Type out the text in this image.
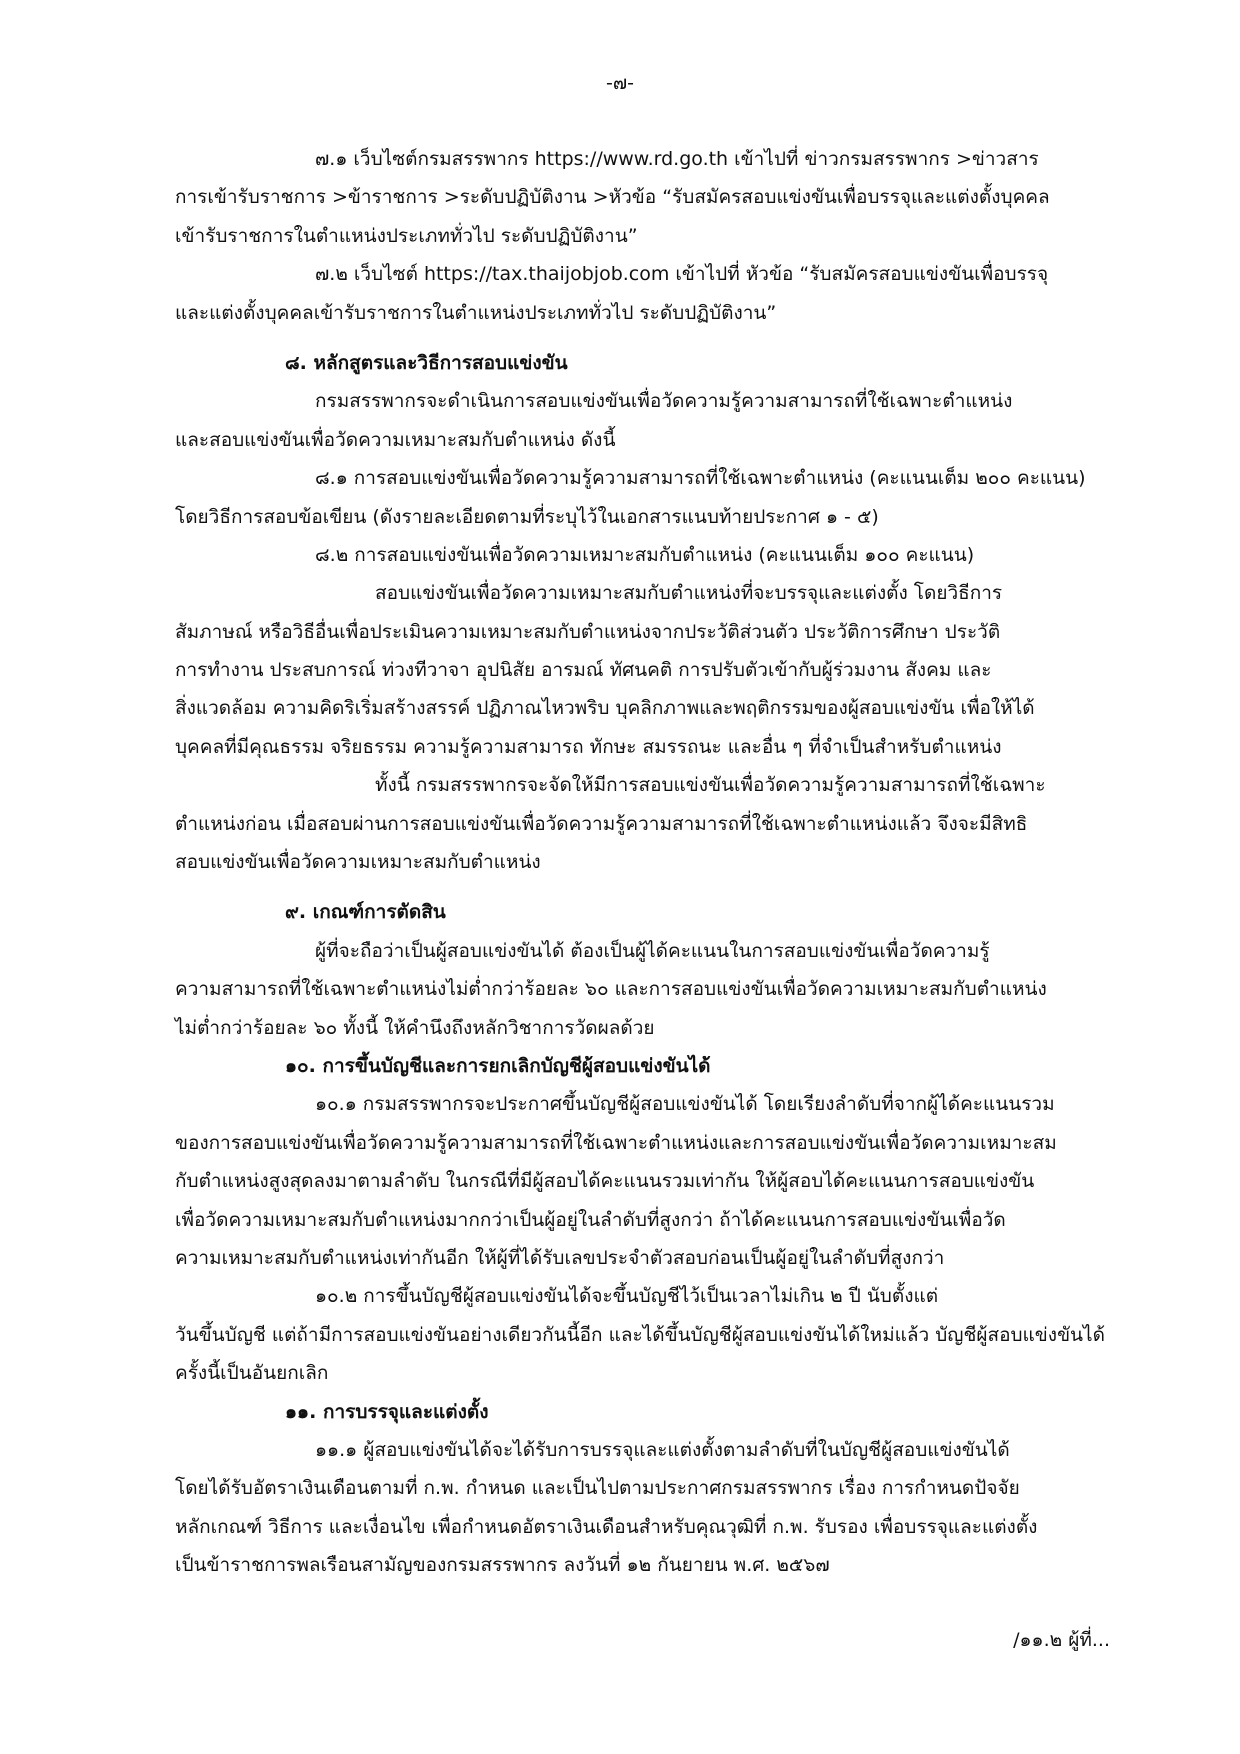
-๗-
๗.๑ เว็บไซต์กรมสรรพากร https://www.rd.go.th เข้าไปที่ ข่าวกรมสรรพากร >ข่าวสาร
การเข้ารับราชการ >ข้าราชการ >ระดับปฏิบัติงาน >หัวข้อ “รับสมัครสอบแข่งขันเพื่อบรรจุและแต่งตั้งบุคคล
เข้ารับราชการในตำแหน่งประเภททั่วไป ระดับปฏิบัติงาน”
๗.๒ เว็บไซต์ https://tax.thaijobjob.com เข้าไปที่ หัวข้อ “รับสมัครสอบแข่งขันเพื่อบรรจุ
และแต่งตั้งบุคคลเข้ารับราชการในตำแหน่งประเภททั่วไป ระดับปฏิบัติงาน”
๘. หลักสูตรและวิธีการสอบแข่งขัน
กรมสรรพากรจะดำเนินการสอบแข่งขันเพื่อวัดความรู้ความสามารถที่ใช้เฉพาะตำแหน่ง
และสอบแข่งขันเพื่อวัดความเหมาะสมกับตำแหน่ง ดังนี้
๘.๑ การสอบแข่งขันเพื่อวัดความรู้ความสามารถที่ใช้เฉพาะตำแหน่ง (คะแนนเต็ม ๒๐๐ คะแนน)
โดยวิธีการสอบข้อเขียน (ดังรายละเอียดตามที่ระบุไว้ในเอกสารแนบท้ายประกาศ ๑ - ๕)
๘.๒ การสอบแข่งขันเพื่อวัดความเหมาะสมกับตำแหน่ง (คะแนนเต็ม ๑๐๐ คะแนน)
สอบแข่งขันเพื่อวัดความเหมาะสมกับตำแหน่งที่จะบรรจุและแต่งตั้ง โดยวิธีการ
สัมภาษณ์ หรือวิธีอื่นเพื่อประเมินความเหมาะสมกับตำแหน่งจากประวัติส่วนตัว ประวัติการศึกษา ประวัติ
การทำงาน ประสบการณ์ ท่วงทีวาจา อุปนิสัย อารมณ์ ทัศนคติ การปรับตัวเข้ากับผู้ร่วมงาน สังคม และ
สิ่งแวดล้อม ความคิดริเริ่มสร้างสรรค์ ปฏิภาณไหวพริบ บุคลิกภาพและพฤติกรรมของผู้สอบแข่งขัน เพื่อให้ได้
บุคคลที่มีคุณธรรม จริยธรรม ความรู้ความสามารถ ทักษะ สมรรถนะ และอื่น ๆ ที่จำเป็นสำหรับตำแหน่ง
ทั้งนี้ กรมสรรพากรจะจัดให้มีการสอบแข่งขันเพื่อวัดความรู้ความสามารถที่ใช้เฉพาะ
ตำแหน่งก่อน เมื่อสอบผ่านการสอบแข่งขันเพื่อวัดความรู้ความสามารถที่ใช้เฉพาะตำแหน่งแล้ว จึงจะมีสิทธิ
สอบแข่งขันเพื่อวัดความเหมาะสมกับตำแหน่ง
๙. เกณฑ์การตัดสิน
ผู้ที่จะถือว่าเป็นผู้สอบแข่งขันได้ ต้องเป็นผู้ได้คะแนนในการสอบแข่งขันเพื่อวัดความรู้
ความสามารถที่ใช้เฉพาะตำแหน่งไม่ต่ำกว่าร้อยละ ๖๐ และการสอบแข่งขันเพื่อวัดความเหมาะสมกับตำแหน่ง
ไม่ต่ำกว่าร้อยละ ๖๐ ทั้งนี้ ให้คำนึงถึงหลักวิชาการวัดผลด้วย
๑๐. การขึ้นบัญชีและการยกเลิกบัญชีผู้สอบแข่งขันได้
๑๐.๑ กรมสรรพากรจะประกาศขึ้นบัญชีผู้สอบแข่งขันได้ โดยเรียงลำดับที่จากผู้ได้คะแนนรวม
ของการสอบแข่งขันเพื่อวัดความรู้ความสามารถที่ใช้เฉพาะตำแหน่งและการสอบแข่งขันเพื่อวัดความเหมาะสม
กับตำแหน่งสูงสุดลงมาตามลำดับ ในกรณีที่มีผู้สอบได้คะแนนรวมเท่ากัน ให้ผู้สอบได้คะแนนการสอบแข่งขัน
เพื่อวัดความเหมาะสมกับตำแหน่งมากกว่าเป็นผู้อยู่ในลำดับที่สูงกว่า ถ้าได้คะแนนการสอบแข่งขันเพื่อวัด
ความเหมาะสมกับตำแหน่งเท่ากันอีก ให้ผู้ที่ได้รับเลขประจำตัวสอบก่อนเป็นผู้อยู่ในลำดับที่สูงกว่า
๑๐.๒ การขึ้นบัญชีผู้สอบแข่งขันได้จะขึ้นบัญชีไว้เป็นเวลาไม่เกิน ๒ ปี นับตั้งแต่
วันขึ้นบัญชี แต่ถ้ามีการสอบแข่งขันอย่างเดียวกันนี้อีก และได้ขึ้นบัญชีผู้สอบแข่งขันได้ใหม่แล้ว บัญชีผู้สอบแข่งขันได้
ครั้งนี้เป็นอันยกเลิก
๑๑. การบรรจุและแต่งตั้ง
๑๑.๑ ผู้สอบแข่งขันได้จะได้รับการบรรจุและแต่งตั้งตามลำดับที่ในบัญชีผู้สอบแข่งขันได้
โดยได้รับอัตราเงินเดือนตามที่ ก.พ. กำหนด และเป็นไปตามประกาศกรมสรรพากร เรื่อง การกำหนดปัจจัย
หลักเกณฑ์ วิธีการ และเงื่อนไข เพื่อกำหนดอัตราเงินเดือนสำหรับคุณวุฒิที่ ก.พ. รับรอง เพื่อบรรจุและแต่งตั้ง
เป็นข้าราชการพลเรือนสามัญของกรมสรรพากร ลงวันที่ ๑๒ กันยายน พ.ศ. ๒๕๖๗
/๑๑.๒ ผู้ที่...
